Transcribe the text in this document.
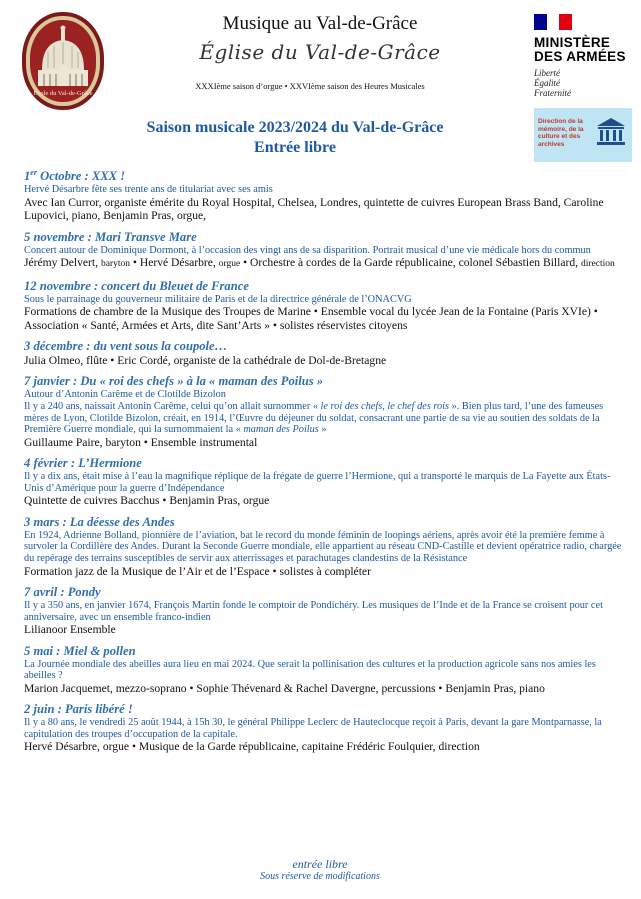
École du Val-de-Grâce
Musique au Val-de-Grâce
Église du Val-de-Grâce
XXXIème saison d’orgue • XXVIème saison des Heures Musicales
MINISTÈRE
DES ARMÉES
Liberté
Égalité
Fraternité
Direction de la mémoire, de la culture et des archives
Saison musicale 2023/2024 du Val-de-Grâce
Entrée libre
1er Octobre : XXX !
Hervé Désarbre fête ses trente ans de titulariat avec ses amis
Avec Ian Curror, organiste émérite du Royal Hospital, Chelsea, Londres, quintette de cuivres European Brass Band, Caroline Lupovici, piano, Benjamin Pras, orgue,
5 novembre : Mari Transve Mare
Concert autour de Dominique Dormont, à l’occasion des vingt ans de sa disparition. Portrait musical d’une vie médicale hors du commun
Jérémy Delvert, baryton • Hervé Désarbre, orgue • Orchestre à cordes de la Garde républicaine, colonel Sébastien Billard, direction
12 novembre : concert du Bleuet de France
Sous le parrainage du gouverneur militaire de Paris et de la directrice générale de l’ONACVG
Formations de chambre de la Musique des Troupes de Marine • Ensemble vocal du lycée Jean de la Fontaine (Paris XVIe) • Association « Santé, Armées et Arts, dite Sant’Arts » • solistes réservistes citoyens
3 décembre : du vent sous la coupole…
Julia Olmeo, flûte • Eric Cordé, organiste de la cathédrale de Dol-de-Bretagne
7 janvier : Du « roi des chefs » à la « maman des Poilus »
Autour d’Antonin Carême et de Clotilde Bizolon
Il y a 240 ans, naissait Antonin Carême, celui qu’on allait surnommer « le roi des chefs, le chef des rois ». Bien plus tard, l’une des fameuses mères de Lyon, Clotilde Bizolon, créait, en 1914, l’Œuvre du déjeuner du soldat, consacrant une partie de sa vie au soutien des soldats de la Première Guerre mondiale, qui la surnommaient la « maman des Poilus »
Guillaume Paire, baryton • Ensemble instrumental
4 février : L’Hermione
Il y a dix ans, était mise à l’eau la magnifique réplique de la frégate de guerre l’Hermione, qui a transporté le marquis de La Fayette aux États-Unis d’Amérique pour la guerre d’Indépendance
Quintette de cuivres Bacchus • Benjamin Pras, orgue
3 mars : La déesse des Andes
En 1924, Adrienne Bolland, pionnière de l’aviation, bat le record du monde féminin de loopings aériens, après avoir été la première femme à survoler la Cordillère des Andes. Durant la Seconde Guerre mondiale, elle appartient au réseau CND-Castille et devient opératrice radio, chargée du repérage des terrains susceptibles de servir aux atterrissages et parachutages clandestins de la Résistance
Formation jazz de la Musique de l’Air et de l’Espace • solistes à compléter
7 avril : Pondy
Il y a 350 ans, en janvier 1674, François Martin fonde le comptoir de Pondichéry. Les musiques de l’Inde et de la France se croisent pour cet anniversaire, avec un ensemble franco-indien
Lilianoor Ensemble
5 mai : Miel & pollen
La Journée mondiale des abeilles aura lieu en mai 2024. Que serait la pollinisation des cultures et la production agricole sans nos amies les abeilles ?
Marion Jacquemet, mezzo-soprano • Sophie Thévenard & Rachel Davergne, percussions • Benjamin Pras, piano
2 juin : Paris libéré !
Il y a 80 ans, le vendredi 25 août 1944, à 15h 30, le général Philippe Leclerc de Hauteclocque reçoit à Paris, devant la gare Montparnasse, la capitulation des troupes d’occupation de la capitale.
Hervé Désarbre, orgue • Musique de la Garde républicaine, capitaine Frédéric Foulquier, direction
entrée libre
Sous réserve de modifications
